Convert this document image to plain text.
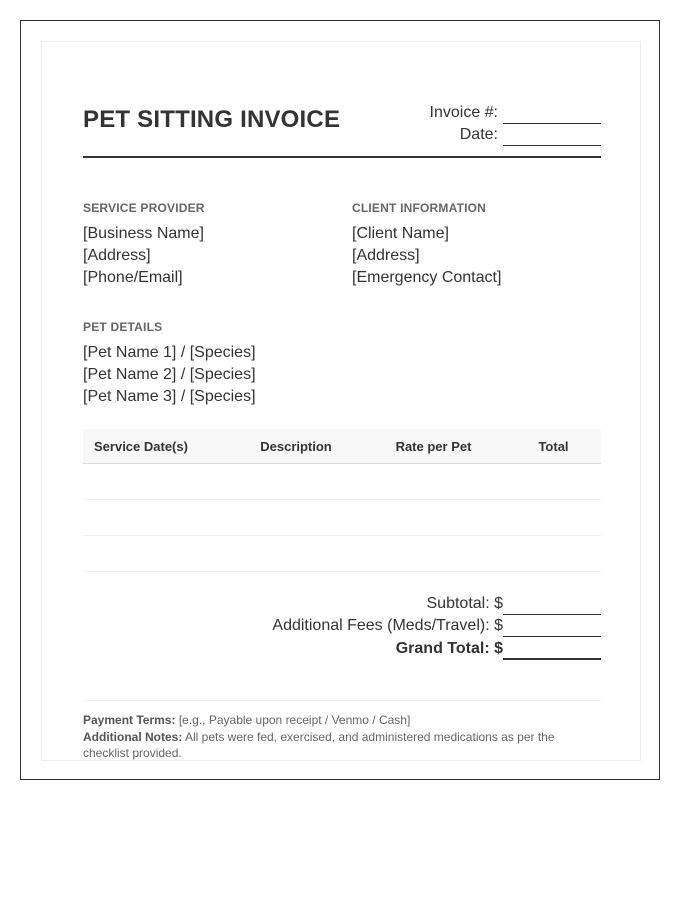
PET SITTING INVOICE	Invoice #:
Date:
SERVICE PROVIDER
[Business Name]
[Address]
[Phone/Email]
CLIENT INFORMATION
[Client Name]
[Address]
[Emergency Contact]
PET DETAILS
[Pet Name 1] / [Species]
[Pet Name 2] / [Species]
[Pet Name 3] / [Species]
Service Date(s)	Description	Rate per Pet	Total
Subtotal: $
Additional Fees (Meds/Travel): $
Grand Total: $
Payment Terms: [e.g., Payable upon receipt / Venmo / Cash]
Additional Notes: All pets were fed, exercised, and administered medications as per the checklist provided.
